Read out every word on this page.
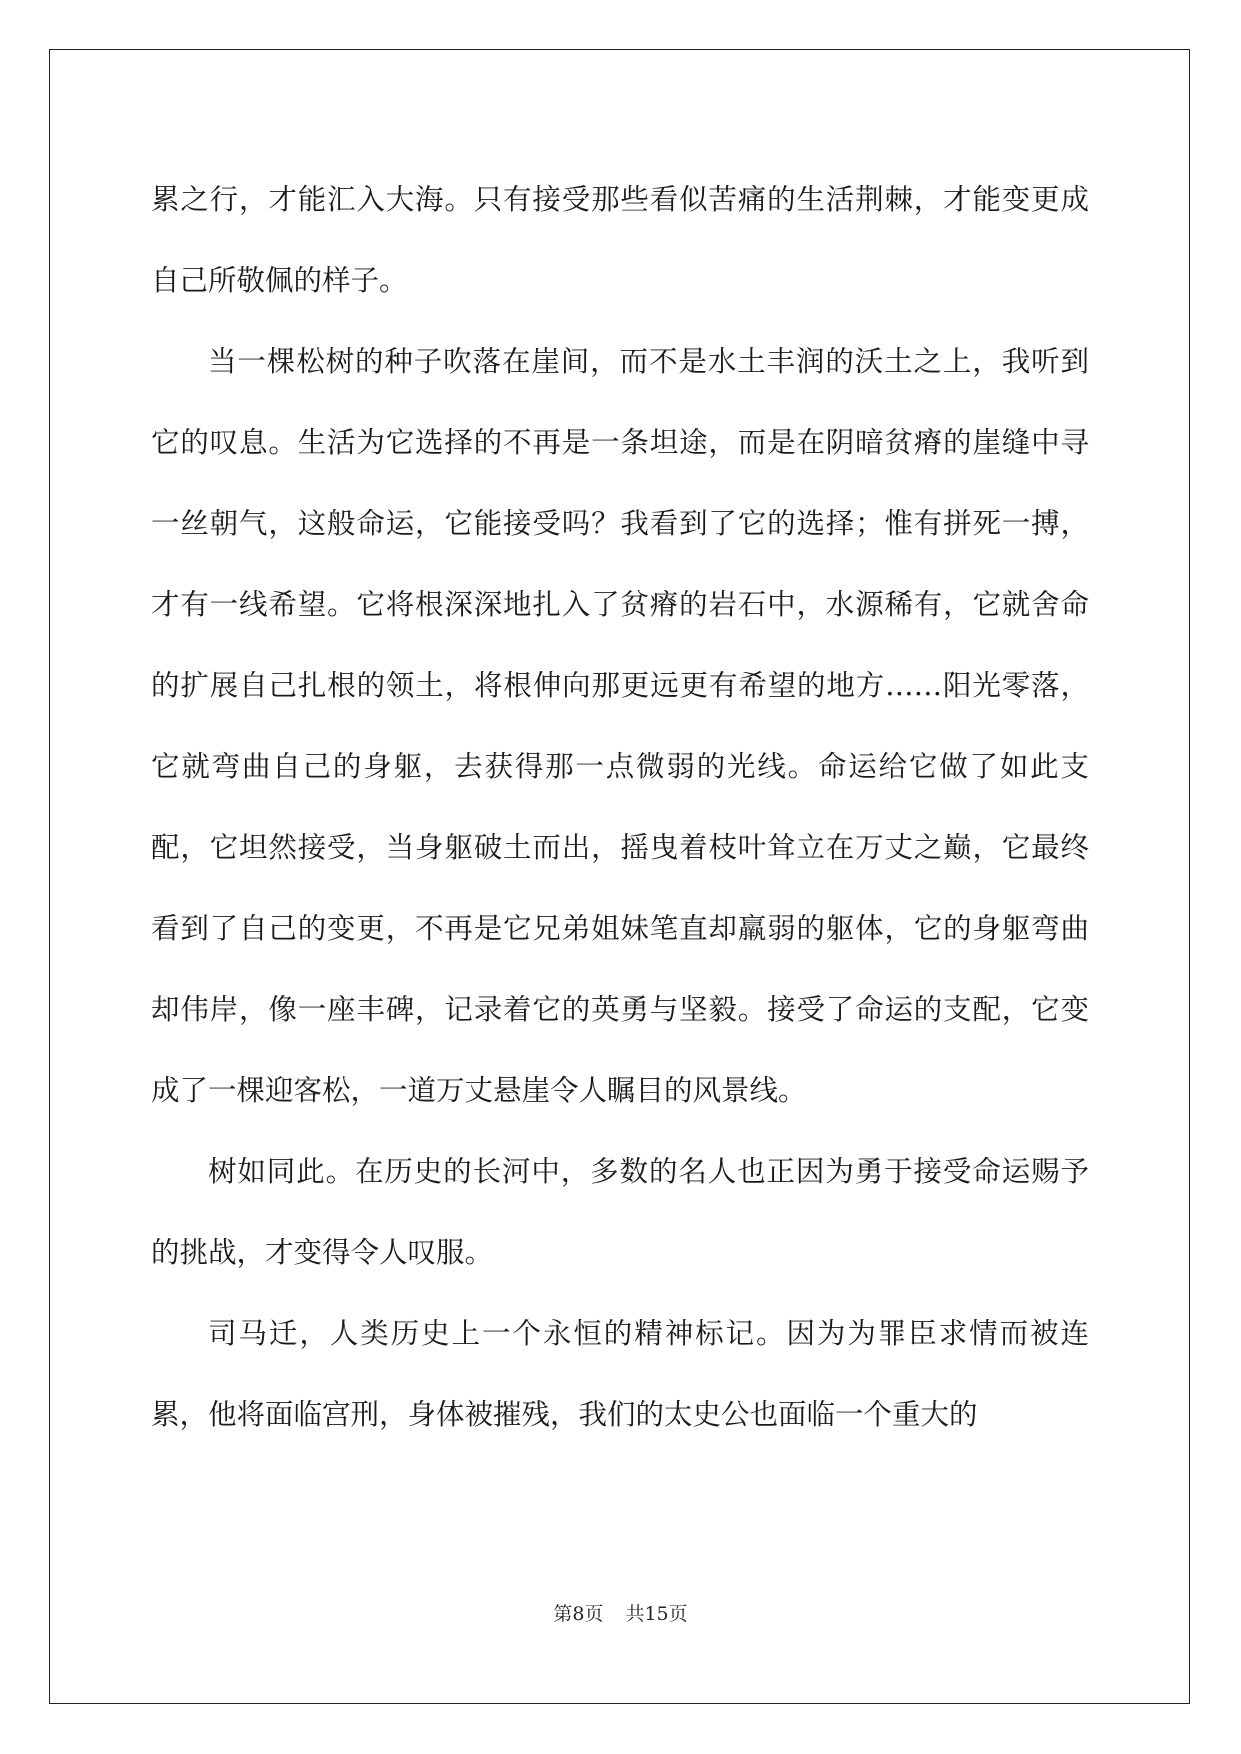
累之行，才能汇入大海。只有接受那些看似苦痛的生活荆棘，才能变更成自己所敬佩的样子。

当一棵松树的种子吹落在崖间，而不是水土丰润的沃土之上，我听到它的叹息。生活为它选择的不再是一条坦途，而是在阴暗贫瘠的崖缝中寻一丝朝气，这般命运，它能接受吗？我看到了它的选择；惟有拼死一搏，才有一线希望。它将根深深地扎入了贫瘠的岩石中，水源稀有，它就舍命的扩展自己扎根的领土，将根伸向那更远更有希望的地方……阳光零落，它就弯曲自己的身躯，去获得那一点微弱的光线。命运给它做了如此支配，它坦然接受，当身躯破土而出，摇曳着枝叶耸立在万丈之巅，它最终看到了自己的变更，不再是它兄弟姐妹笔直却羸弱的躯体，它的身躯弯曲却伟岸，像一座丰碑，记录着它的英勇与坚毅。接受了命运的支配，它变成了一棵迎客松，一道万丈悬崖令人瞩目的风景线。

树如同此。在历史的长河中，多数的名人也正因为勇于接受命运赐予的挑战，才变得令人叹服。

司马迁，人类历史上一个永恒的精神标记。因为为罪臣求情而被连累，他将面临宫刑，身体被摧残，我们的太史公也面临一个重大的

第8页 共15页
